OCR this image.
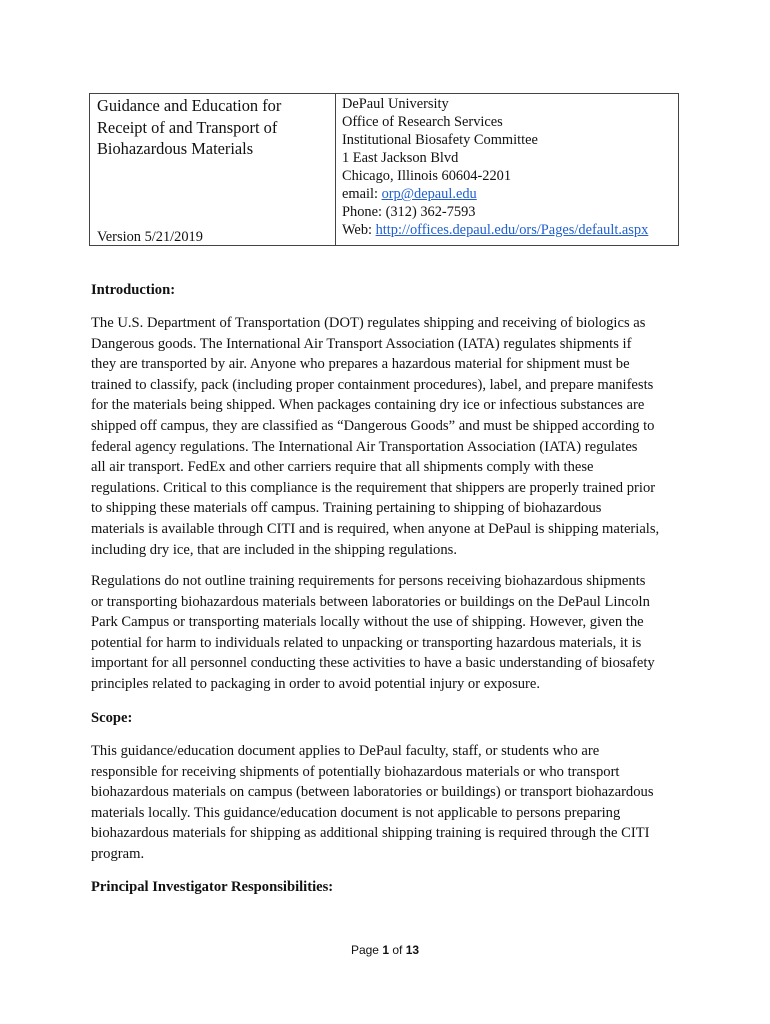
Guidance and Education for
Receipt of and Transport of
Biohazardous Materials
Version 5/21/2019
DePaul University
Office of Research Services
Institutional Biosafety Committee
1 East Jackson Blvd
Chicago, Illinois 60604-2201
email: orp@depaul.edu
Phone: (312) 362-7593
Web: http://offices.depaul.edu/ors/Pages/default.aspx
Introduction:
The U.S. Department of Transportation (DOT) regulates shipping and receiving of biologics as
Dangerous goods. The International Air Transport Association (IATA) regulates shipments if
they are transported by air. Anyone who prepares a hazardous material for shipment must be
trained to classify, pack (including proper containment procedures), label, and prepare manifests
for the materials being shipped. When packages containing dry ice or infectious substances are
shipped off campus, they are classified as “Dangerous Goods” and must be shipped according to
federal agency regulations. The International Air Transportation Association (IATA) regulates
all air transport. FedEx and other carriers require that all shipments comply with these
regulations. Critical to this compliance is the requirement that shippers are properly trained prior
to shipping these materials off campus. Training pertaining to shipping of biohazardous
materials is available through CITI and is required, when anyone at DePaul is shipping materials,
including dry ice, that are included in the shipping regulations.
Regulations do not outline training requirements for persons receiving biohazardous shipments
or transporting biohazardous materials between laboratories or buildings on the DePaul Lincoln
Park Campus or transporting materials locally without the use of shipping. However, given the
potential for harm to individuals related to unpacking or transporting hazardous materials, it is
important for all personnel conducting these activities to have a basic understanding of biosafety
principles related to packaging in order to avoid potential injury or exposure.
Scope:
This guidance/education document applies to DePaul faculty, staff, or students who are
responsible for receiving shipments of potentially biohazardous materials or who transport
biohazardous materials on campus (between laboratories or buildings) or transport biohazardous
materials locally. This guidance/education document is not applicable to persons preparing
biohazardous materials for shipping as additional shipping training is required through the CITI
program.
Principal Investigator Responsibilities:
Page 1 of 13
